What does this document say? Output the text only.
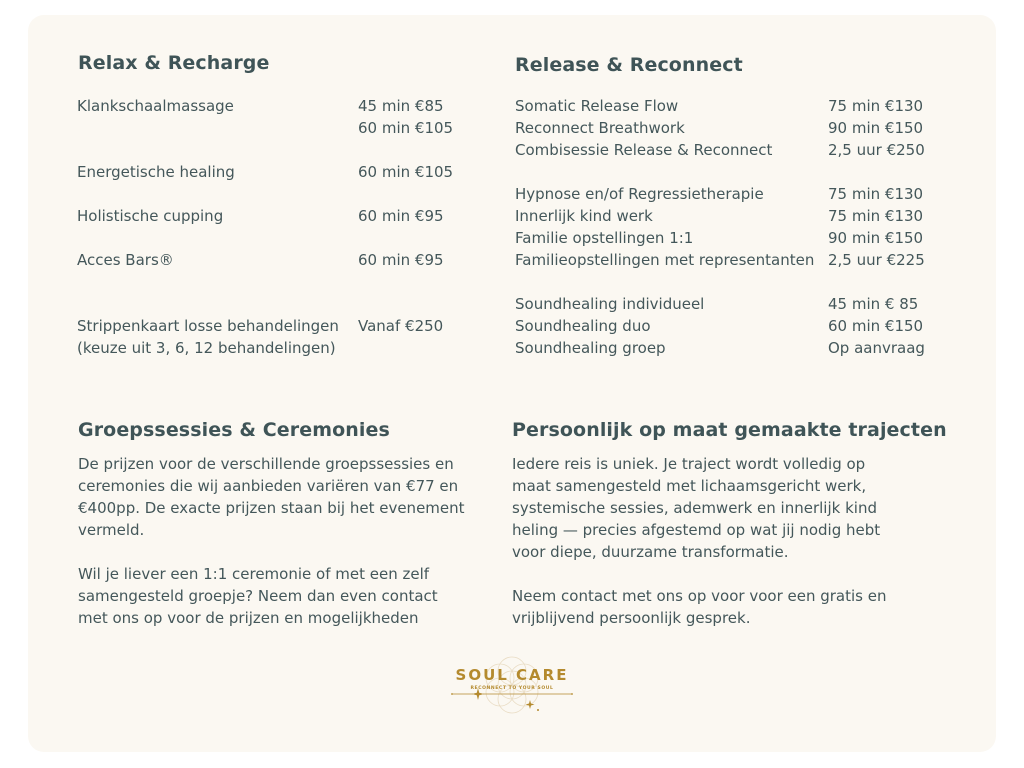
Relax & Recharge
Klankschaalmassage	45 min €85
60 min €105
Energetische healing	60 min €105
Holistische cupping	60 min €95
Acces Bars®	60 min €95
Strippenkaart losse behandelingen Vanaf €250
(keuze uit 3, 6, 12 behandelingen)
Release & Reconnect
Somatic Release Flow	75 min €130
Reconnect Breathwork	90 min €150
Combisessie Release & Reconnect	2,5 uur €250
Hypnose en/of Regressietherapie	75 min €130
Innerlijk kind werk	75 min €130
Familie opstellingen 1:1	90 min €150
Familieopstellingen met representanten 2,5 uur €225
Soundhealing individueel	45 min € 85
Soundhealing duo	60 min €150
Soundhealing groep	Op aanvraag
Groepssessies & Ceremonies

De prijzen voor de verschillende groepssessies en
ceremonies die wij aanbieden variëren van €77 en
€400pp. De exacte prijzen staan bij het evenement
vermeld.

Wil je liever een 1:1 ceremonie of met een zelf
samengesteld groepje? Neem dan even contact
met ons op voor de prijzen en mogelijkheden

Persoonlijk op maat gemaakte trajecten

Iedere reis is uniek. Je traject wordt volledig op
maat samengesteld met lichaamsgericht werk,
systemische sessies, ademwerk en innerlijk kind
heling — precies afgestemd op wat jij nodig hebt
voor diepe, duurzame transformatie.

Neem contact met ons op voor voor een gratis en
vrijblijvend persoonlijk gesprek.

SOUL CARE
RECONNECT TO YOUR SOUL
